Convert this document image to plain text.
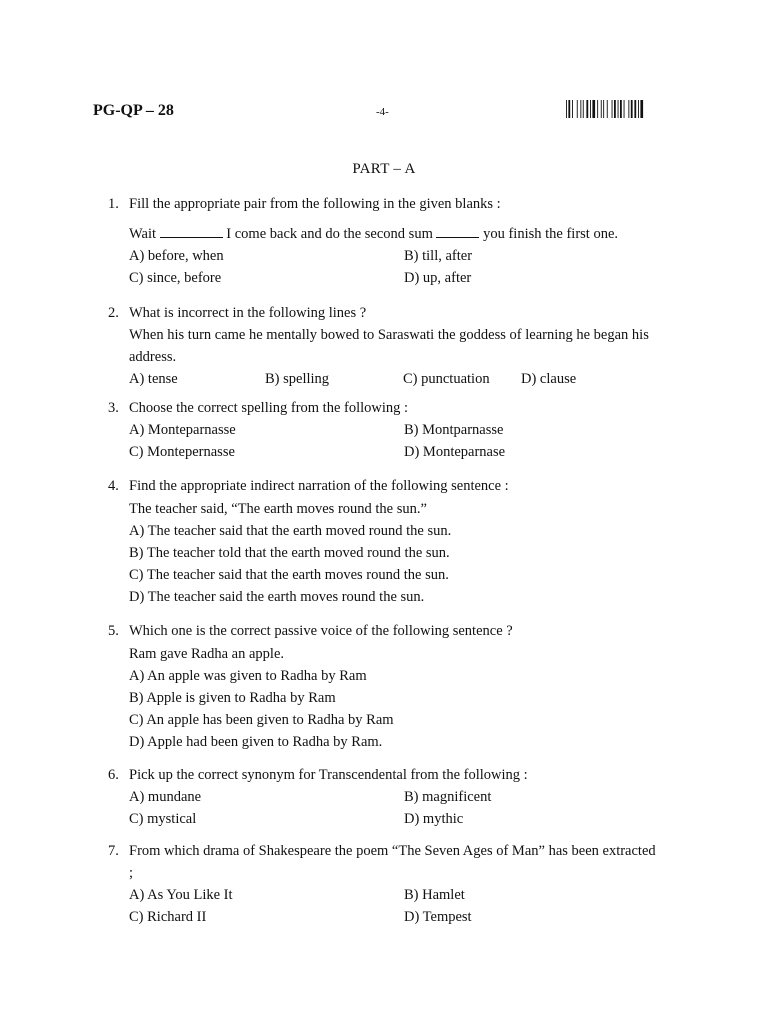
PG-QP – 28	-4-
PART – A
1. Fill the appropriate pair from the following in the given blanks :
Wait	I come back and do the second sum	you finish the first one.
A) before, when	B) till, after
C) since, before	D) up, after
2. What is incorrect in the following lines ?
When his turn came he mentally bowed to Saraswati the goddess of learning he began his address.
A) tense	B) spelling	C) punctuation	D) clause
3. Choose the correct spelling from the following :
A) Monteparnasse	B) Montparnasse
C) Montepernasse	D) Monteparnase
4. Find the appropriate indirect narration of the following sentence :
The teacher said, “The earth moves round the sun.”
A) The teacher said that the earth moved round the sun.
B) The teacher told that the earth moved round the sun.
C) The teacher said that the earth moves round the sun.
D) The teacher said the earth moves round the sun.
5. Which one is the correct passive voice of the following sentence ?
Ram gave Radha an apple.
A) An apple was given to Radha by Ram
B) Apple is given to Radha by Ram
C) An apple has been given to Radha by Ram
D) Apple had been given to Radha by Ram.
6. Pick up the correct synonym for Transcendental from the following :
A) mundane	B) magnificent
C) mystical	D) mythic
7. From which drama of Shakespeare the poem “The Seven Ages of Man” has been extracted ;
A) As You Like It	B) Hamlet
C) Richard II	D) Tempest
